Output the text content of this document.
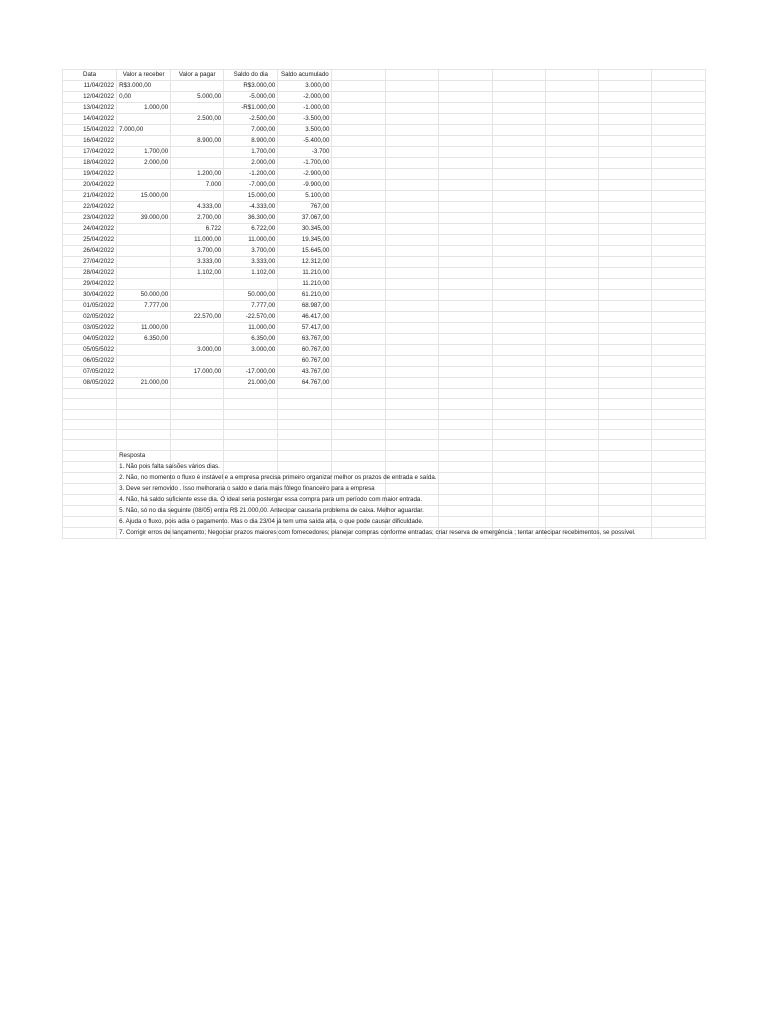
Data	Valor a receber	Valor a pagar	Saldo do dia	Saldo acumulado							
11/04/2022	R$3.000,00		R$3.000,00	3.000,00							
12/04/2022	0,00	5.000,00	-5.000,00	-2.000,00							
13/04/2022	1.000,00		-R$1.000,00	-1.000,00							
14/04/2022		2.500,00	-2.500,00	-3.500,00							
15/04/2022	7.000,00		7.000,00	3.500,00							
16/04/2022		8.900,00	8.900,00	-5.400,00							
17/04/2022	1.700,00		1.700,00	-3.700							
18/04/2022	2.000,00		2.000,00	-1.700,00							
19/04/2022		1.200,00	-1.200,00	-2.900,00							
20/04/2022		7.000	-7.000,00	-9.900,00							
21/04/2022	15.000,00		15.000,00	5.100,00							
22/04/2022		4.333,00	-4.333,00	767,00							
23/04/2022	39.000,00	2.700,00	36.300,00	37.067,00							
24/04/2022		6.722	6.722,00	30.345,00							
25/04/2022		11.000,00	11.000,00	19.345,00							
26/04/2022		3.700,00	3.700,00	15.645,00							
27/04/2022		3.333,00	3.333,00	12.312,00							
28/04/2022		1.102,00	1.102,00	11.210,00							
29/04/2022				11.210,00							
30/04/2022	50.000,00		50.000,00	61.210,00							
01/05/2022	7.777,00		7.777,00	68.987,00							
02/05/2022		22.570,00	-22.570,00	46.417,00							
03/05/2022	11.000,00		11.000,00	57.417,00							
04/05/2022	6.350,00		6.350,00	63.767,00							
05/05/5022		3.000,00	3.000,00	60.767,00							
06/05/2022				60.767,00							
07/05/2022		17.000,00	-17.000,00	43.767,00							
08/05/2022	21.000,00		21.000,00	64.767,00							

	Resposta										
	1. Não pois falta saísões vários dias.										
	2. Não, no momento o fluxo é instável e a empresa precisa primeiro organizar melhor os prazos de entrada e saída.										
	3. Deve ser removido . Isso melhoraria o saldo e daria mais fôlego financeiro para a empresa										
	4. Não, há saldo suficiente esse dia. O ideal seria postergar essa compra para um período com maior entrada.										
	5. Não, só no dia seguinte (08/05) entra R$ 21.000,00. Antecipar causaria problema de caixa. Melhor aguardar.										
	6. Ajuda o fluxo, pois adia o pagamento. Mas o dia 23/04 já tem uma saída alta, o que pode causar dificuldade.										
	7. Corrigir erros de lançamento; Negociar prazos maiores com fornecedores; planejar compras conforme entradas; criar reserva de emergência ; tentar antecipar recebimentos, se possível.										
